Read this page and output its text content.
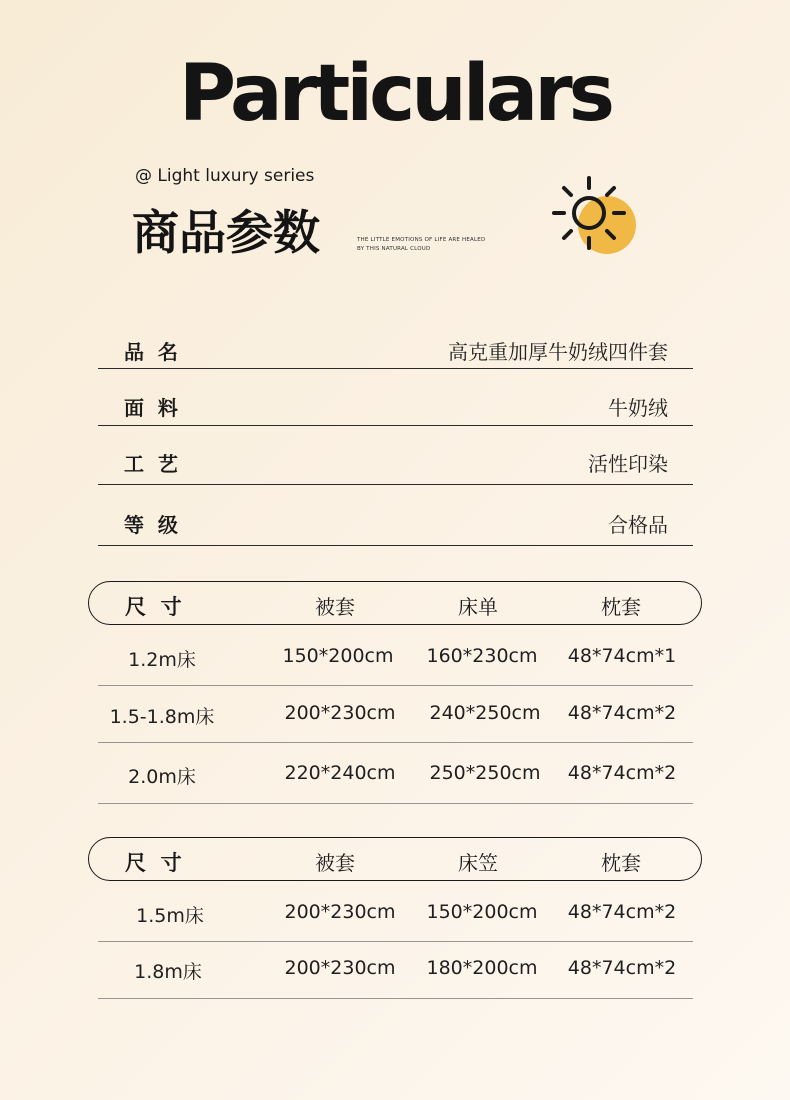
Particulars
@ Light luxury series
商品参数	THE LITTLE EMOTIONS OF LIFE ARE HEALED
BY THIS NATURAL CLOUD
品  名	高克重加厚牛奶绒四件套
面  料	牛奶绒
工  艺	活性印染
等  级	合格品
尺  寸	被套	床单	枕套
1.2m床	150*200cm 160*230cm 48*74cm*1
1.5-1.8m床	200*230cm 240*250cm 48*74cm*2
2.0m床	220*240cm 250*250cm 48*74cm*2
尺  寸	被套	床笠	枕套
1.5m床	200*230cm 150*200cm 48*74cm*2
1.8m床	200*230cm 180*200cm 48*74cm*2
